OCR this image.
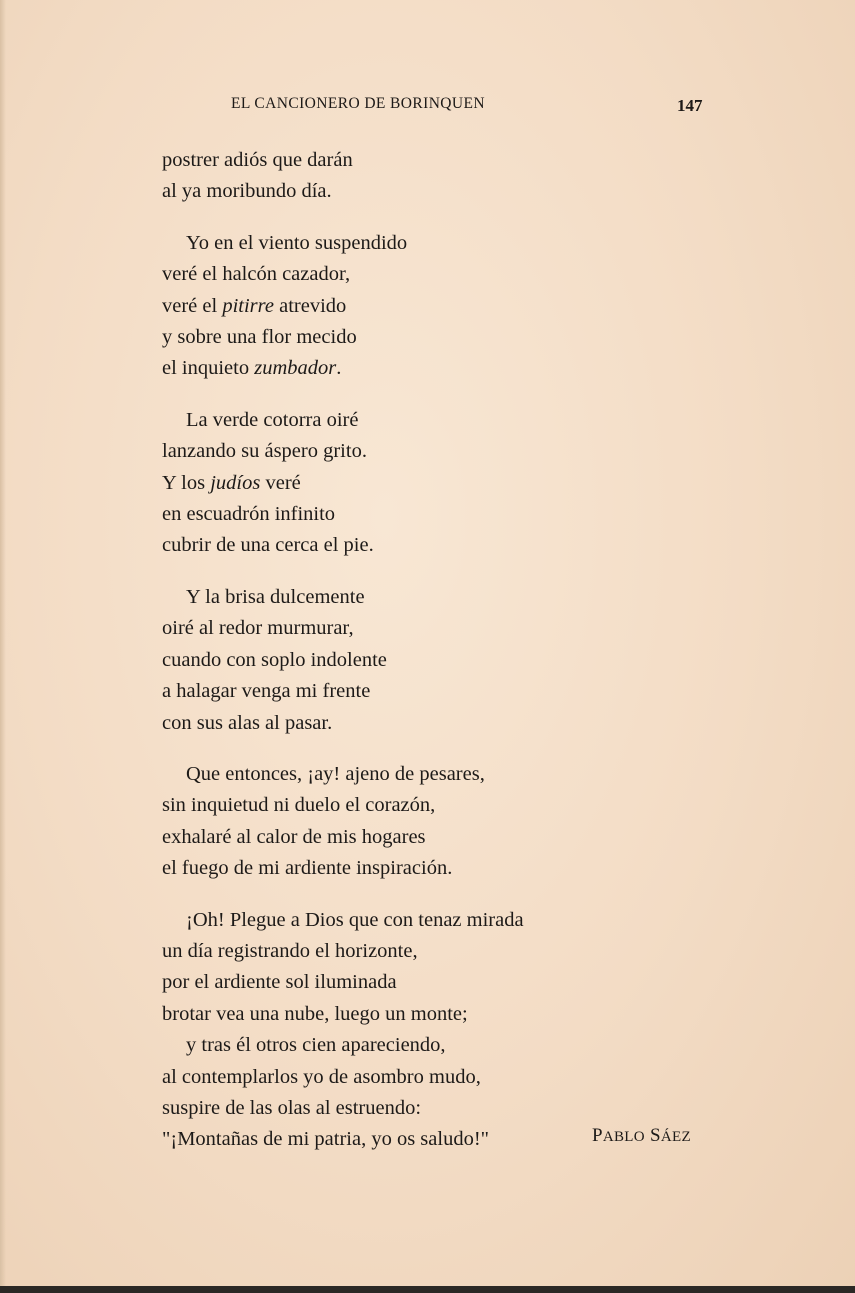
EL CANCIONERO DE BORINQUEN	147
postrer adiós que darán
al ya moribundo día.
Yo en el viento suspendido
veré el halcón cazador,
veré el pitirre atrevido
y sobre una flor mecido
el inquieto zumbador.
La verde cotorra oiré
lanzando su áspero grito.
Y los judíos veré
en escuadrón infinito
cubrir de una cerca el pie.
Y la brisa dulcemente
oiré al redor murmurar,
cuando con soplo indolente
a halagar venga mi frente
con sus alas al pasar.
Que entonces, ¡ay! ajeno de pesares,
sin inquietud ni duelo el corazón,
exhalaré al calor de mis hogares
el fuego de mi ardiente inspiración.
¡Oh! Plegue a Dios que con tenaz mirada
un día registrando el horizonte,
por el ardiente sol iluminada
brotar vea una nube, luego un monte;
y tras él otros cien apareciendo,
al contemplarlos yo de asombro mudo,
suspire de las olas al estruendo:
"¡Montañas de mi patria, yo os saludo!"	PABLO SÁEZ
